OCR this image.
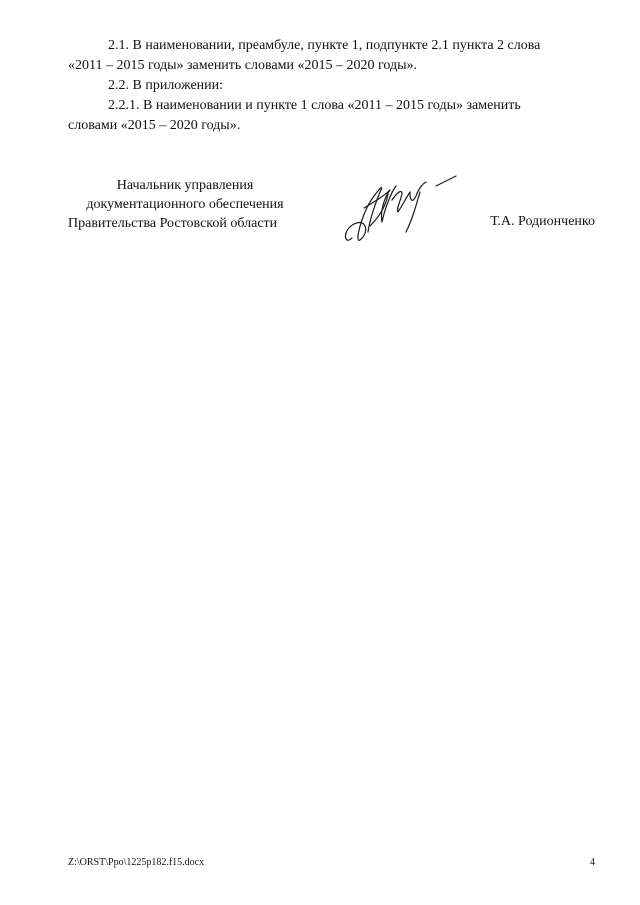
2.1. В наименовании, преамбуле, пункте 1, подпункте 2.1 пункта 2 слова
«2011 – 2015 годы» заменить словами «2015 – 2020 годы».

2.2. В приложении:

2.2.1. В наименовании и пункте 1 слова «2011 – 2015 годы» заменить
словами «2015 – 2020 годы».

Начальник управления
документационного обеспечения
Правительства Ростовской области	Т.А. Родионченко
Z:\ORST\Ppo\1225p182.f15.docx	4
